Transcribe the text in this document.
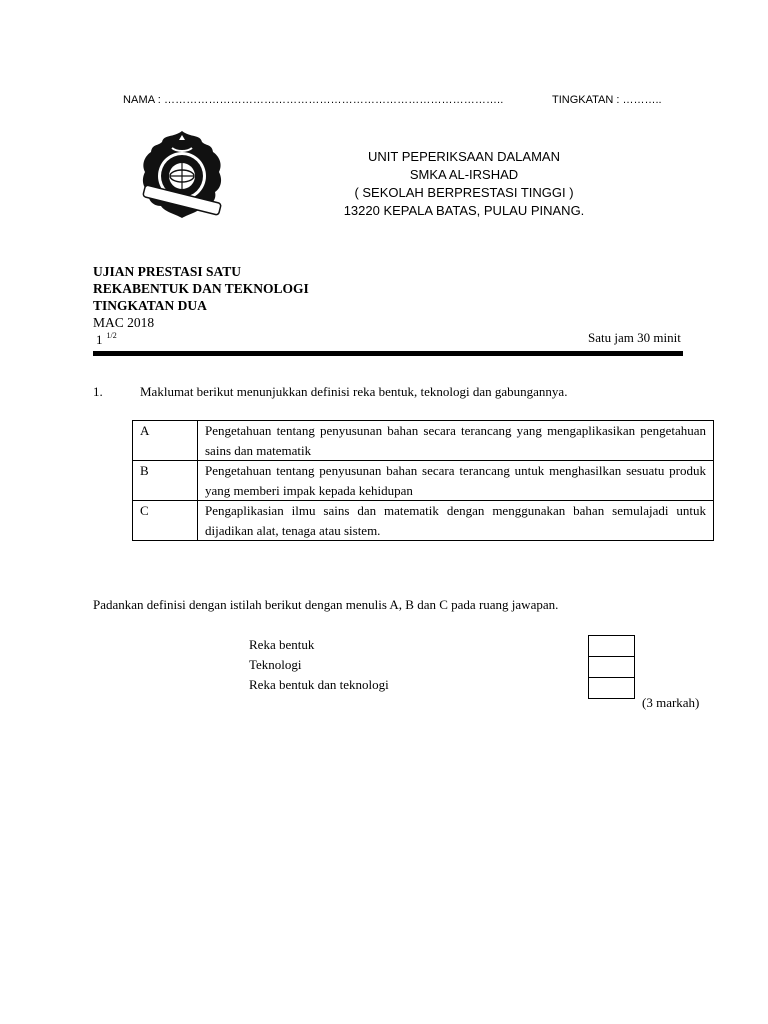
NAMA : ………………………………………………………………………………..	TINGKATAN : ………..
UNIT PEPERIKSAAN DALAMAN
SMKA AL-IRSHAD
( SEKOLAH BERPRESTASI TINGGI )
13220 KEPALA BATAS, PULAU PINANG.
UJIAN PRESTASI SATU
REKABENTUK DAN TEKNOLOGI
TINGKATAN DUA
MAC 2018
1 $^{1/2}$	Satu jam 30 minit
1.	Maklumat berikut menunjukkan definisi reka bentuk, teknologi dan gabungannya.
A	Pengetahuan tentang penyusunan bahan secara terancang yang mengaplikasikan pengetahuan sains dan matematik
B	Pengetahuan tentang penyusunan bahan secara terancang untuk menghasilkan sesuatu produk yang memberi impak kepada kehidupan
C	Pengaplikasian ilmu sains dan matematik dengan menggunakan bahan semulajadi untuk dijadikan alat, tenaga atau sistem.
Padankan definisi dengan istilah berikut dengan menulis A, B dan C pada ruang jawapan.
Reka bentuk
Teknologi
Reka bentuk dan teknologi
(3 markah)
